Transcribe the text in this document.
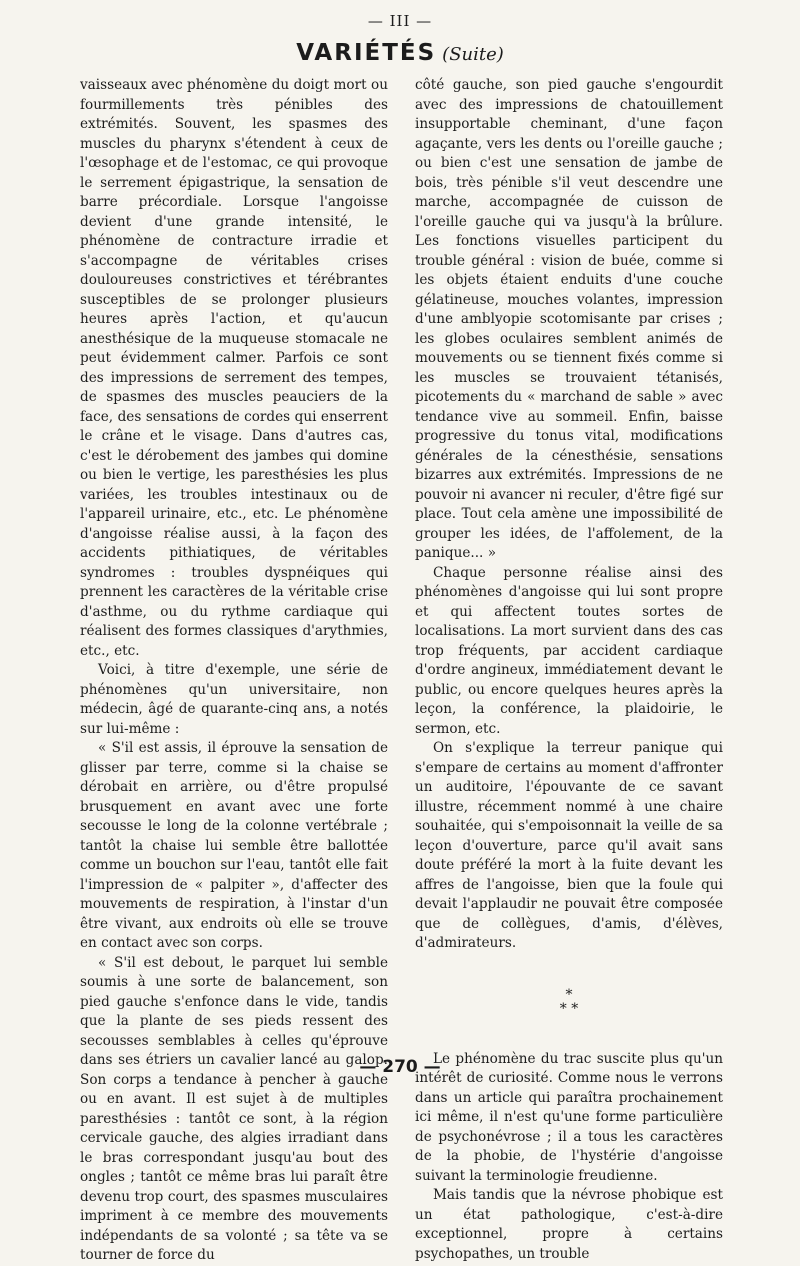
— III —
VARIÉTÉS (Suite)

vaisseaux avec phénomène du doigt mort ou fourmillements très pénibles des extrémités. Souvent, les spasmes des muscles du pharynx s'étendent à ceux de l'œsophage et de l'estomac, ce qui provoque le serrement épigastrique, la sensation de barre précordiale. Lorsque l'angoisse devient d'une grande intensité, le phénomène de contracture irradie et s'accompagne de véritables crises douloureuses constrictives et térébrantes susceptibles de se prolonger plusieurs heures après l'action, et qu'aucun anesthésique de la muqueuse stomacale ne peut évidemment calmer. Parfois ce sont des impressions de serrement des tempes, de spasmes des muscles peauciers de la face, des sensations de cordes qui enserrent le crâne et le visage. Dans d'autres cas, c'est le dérobement des jambes qui domine ou bien le vertige, les paresthésies les plus variées, les troubles intestinaux ou de l'appareil urinaire, etc., etc. Le phénomène d'angoisse réalise aussi, à la façon des accidents pithiatiques, de véritables syndromes : troubles dyspnéiques qui prennent les caractères de la véritable crise d'asthme, ou du rythme cardiaque qui réalisent des formes classiques d'arythmies, etc., etc.

Voici, à titre d'exemple, une série de phénomènes qu'un universitaire, non médecin, âgé de quarante-cinq ans, a notés sur lui-même :

« S'il est assis, il éprouve la sensation de glisser par terre, comme si la chaise se dérobait en arrière, ou d'être propulsé brusquement en avant avec une forte secousse le long de la colonne vertébrale ; tantôt la chaise lui semble être ballottée comme un bouchon sur l'eau, tantôt elle fait l'impression de « palpiter », d'affecter des mouvements de respiration, à l'instar d'un être vivant, aux endroits où elle se trouve en contact avec son corps.

« S'il est debout, le parquet lui semble soumis à une sorte de balancement, son pied gauche s'enfonce dans le vide, tandis que la plante de ses pieds ressent des secousses semblables à celles qu'éprouve dans ses étriers un cavalier lancé au galop. Son corps a tendance à pencher à gauche ou en avant. Il est sujet à de multiples paresthésies : tantôt ce sont, à la région cervicale gauche, des algies irradiant dans le bras correspondant jusqu'au bout des ongles ; tantôt ce même bras lui paraît être devenu trop court, des spasmes musculaires impriment à ce membre des mouvements indépendants de sa volonté ; sa tête va se tourner de force du

côté gauche, son pied gauche s'engourdit avec des impressions de chatouillement insupportable cheminant, d'une façon agaçante, vers les dents ou l'oreille gauche ; ou bien c'est une sensation de jambe de bois, très pénible s'il veut descendre une marche, accompagnée de cuisson de l'oreille gauche qui va jusqu'à la brûlure. Les fonctions visuelles participent du trouble général : vision de buée, comme si les objets étaient enduits d'une couche gélatineuse, mouches volantes, impression d'une amblyopie scotomisante par crises ; les globes oculaires semblent animés de mouvements ou se tiennent fixés comme si les muscles se trouvaient tétanisés, picotements du « marchand de sable » avec tendance vive au sommeil. Enfin, baisse progressive du tonus vital, modifications générales de la cénesthésie, sensations bizarres aux extrémités. Impressions de ne pouvoir ni avancer ni reculer, d'être figé sur place. Tout cela amène une impossibilité de grouper les idées, de l'affolement, de la panique... »

Chaque personne réalise ainsi des phénomènes d'angoisse qui lui sont propre et qui affectent toutes sortes de localisations. La mort survient dans des cas trop fréquents, par accident cardiaque d'ordre angineux, immédiatement devant le public, ou encore quelques heures après la leçon, la conférence, la plaidoirie, le sermon, etc.

On s'explique la terreur panique qui s'empare de certains au moment d'affronter un auditoire, l'épouvante de ce savant illustre, récemment nommé à une chaire souhaitée, qui s'empoisonnait la veille de sa leçon d'ouverture, parce qu'il avait sans doute préféré la mort à la fuite devant les affres de l'angoisse, bien que la foule qui devait l'applaudir ne pouvait être composée que de collègues, d'amis, d'élèves, d'admirateurs.

*
* *

Le phénomène du trac suscite plus qu'un intérêt de curiosité. Comme nous le verrons dans un article qui paraîtra prochainement ici même, il n'est qu'une forme particulière de psychonévrose ; il a tous les caractères de la phobie, de l'hystérie d'angoisse suivant la terminologie freudienne.

Mais tandis que la névrose phobique est un état pathologique, c'est-à-dire exceptionnel, propre à certains psychopathes, un trouble

— 270 —
